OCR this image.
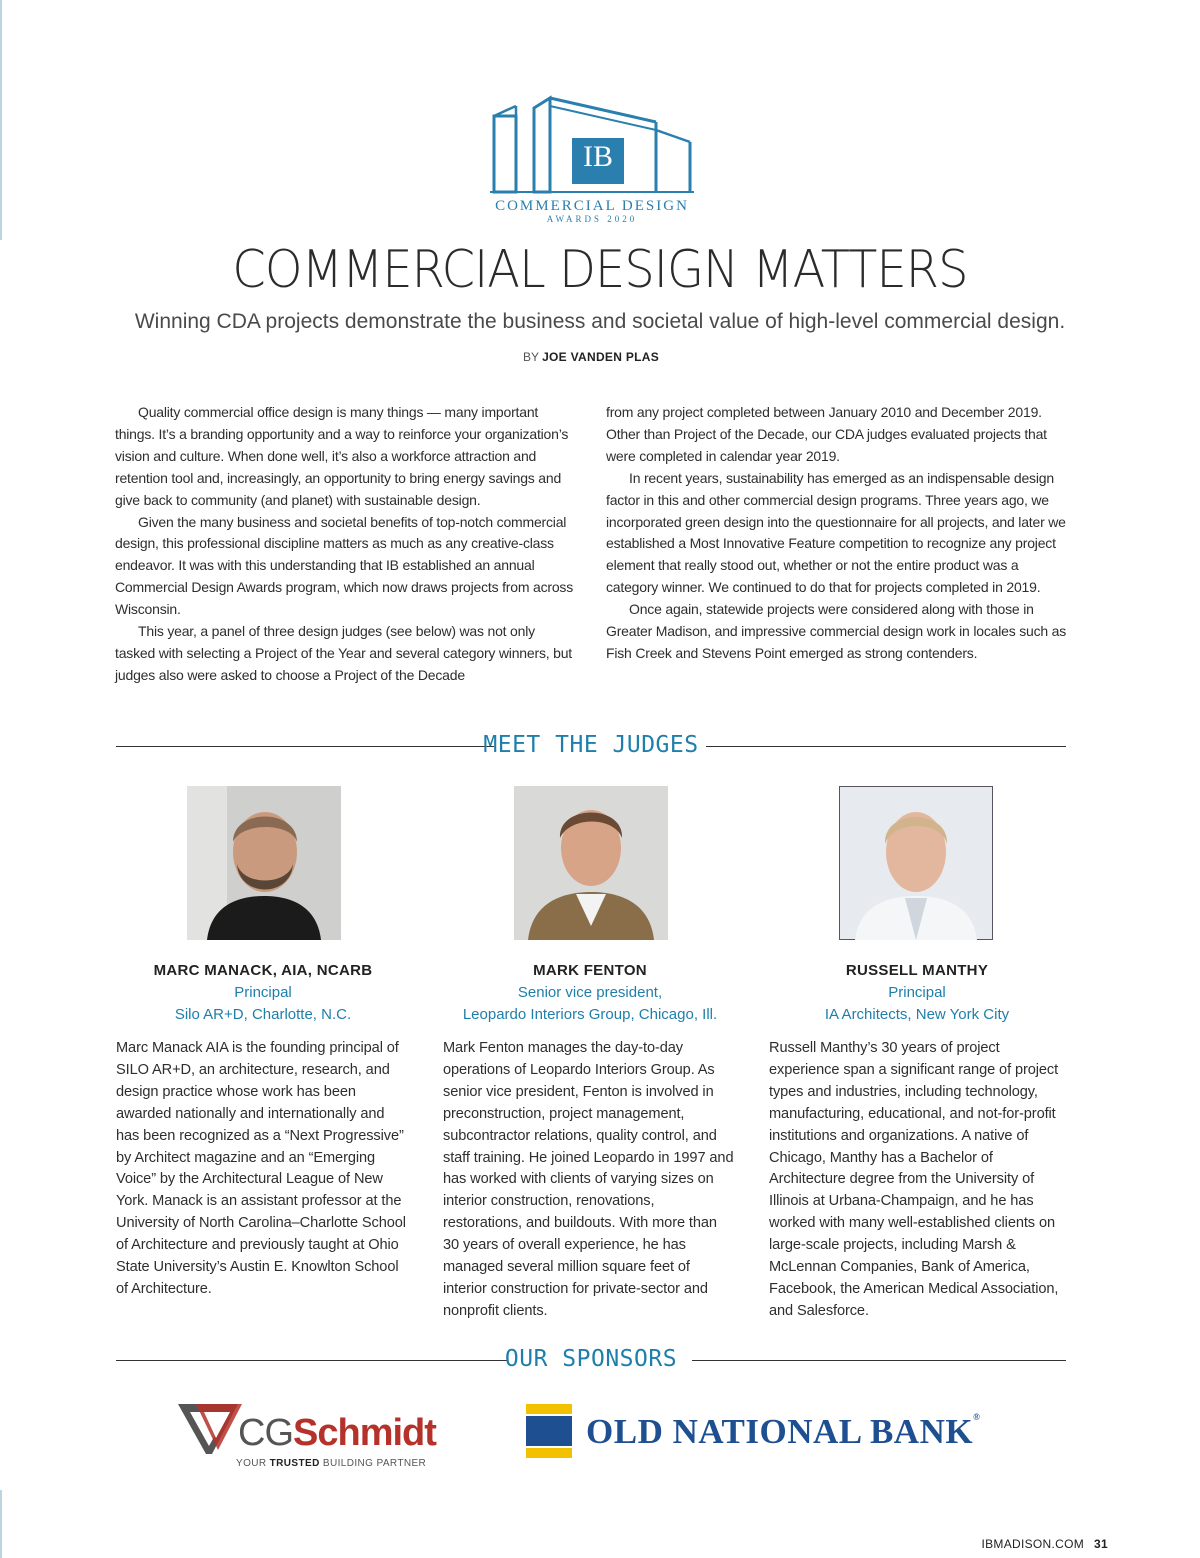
IB
COMMERCIAL DESIGN
AWARDS 2020
COMMERCIAL DESIGN MATTERS
Winning CDA projects demonstrate the business and societal value of high-level commercial design.
BY JOE VANDEN PLAS

Quality commercial office design is many things — many important things. It’s a branding opportunity and a way to reinforce your organization’s vision and culture. When done well, it’s also a workforce attraction and retention tool and, increasingly, an opportunity to bring energy savings and give back to community (and planet) with sustainable design.

Given the many business and societal benefits of top-notch commercial design, this professional discipline matters as much as any creative-class endeavor. It was with this understanding that IB established an annual Commercial Design Awards program, which now draws projects from across Wisconsin.

This year, a panel of three design judges (see below) was not only tasked with selecting a Project of the Year and several category winners, but judges also were asked to choose a Project of the Decade

from any project completed between January 2010 and December 2019. Other than Project of the Decade, our CDA judges evaluated projects that were completed in calendar year 2019.

In recent years, sustainability has emerged as an indispensable design factor in this and other commercial design programs. Three years ago, we incorporated green design into the questionnaire for all projects, and later we established a Most Innovative Feature competition to recognize any project element that really stood out, whether or not the entire product was a category winner. We continued to do that for projects completed in 2019.

Once again, statewide projects were considered along with those in Greater Madison, and impressive commercial design work in locales such as Fish Creek and Stevens Point emerged as strong contenders.

MEET THE JUDGES
MARC MANACK, AIA, NCARB
Principal
Silo AR+D, Charlotte, N.C.
Marc Manack AIA is the founding principal of SILO AR+D, an architecture, research, and design practice whose work has been awarded nationally and internationally and has been recognized as a “Next Progressive” by Architect magazine and an “Emerging Voice” by the Architectural League of New York. Manack is an assistant professor at the University of North Carolina–Charlotte School of Architecture and previously taught at Ohio State University’s Austin E. Knowlton School of Architecture.
MARK FENTON
Senior vice president,
Leopardo Interiors Group, Chicago, Ill.
Mark Fenton manages the day-to-day operations of Leopardo Interiors Group. As senior vice president, Fenton is involved in preconstruction, project management, subcontractor relations, quality control, and staff training. He joined Leopardo in 1997 and has worked with clients of varying sizes on interior construction, renovations, restorations, and buildouts. With more than 30 years of overall experience, he has managed several million square feet of interior construction for private-sector and nonprofit clients.
RUSSELL MANTHY
Principal
IA Architects, New York City
Russell Manthy’s 30 years of project experience span a significant range of project types and industries, including technology, manufacturing, educational, and not-for-profit institutions and organizations. A native of Chicago, Manthy has a Bachelor of Architecture degree from the University of Illinois at Urbana-Champaign, and he has worked with many well-established clients on large-scale projects, including Marsh & McLennan Companies, Bank of America, Facebook, the American Medical Association, and Salesforce.
OUR SPONSORS
CGSchmidt
YOUR TRUSTED BUILDING PARTNER
OLD NATIONAL BANK®
IBMADISON.COM 31
